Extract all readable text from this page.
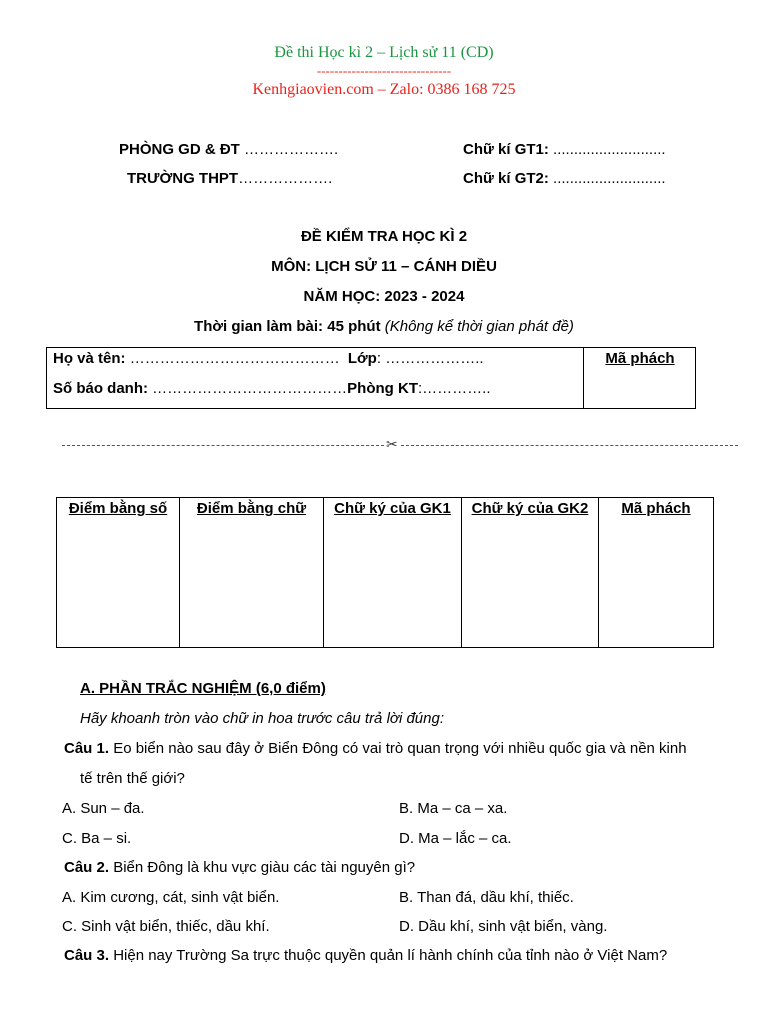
Đề thi Học kì 2 – Lịch sử 11 (CD)
-------------------------------
Kenhgiaovien.com – Zalo: 0386 168 725
PHÒNG GD & ĐT ……………….
TRƯỜNG THPT……………….
Chữ kí GT1: ...........................
Chữ kí GT2: ...........................
ĐỀ KIỂM TRA HỌC KÌ 2
MÔN: LỊCH SỬ 11 – CÁNH DIỀU
NĂM HỌC: 2023 - 2024
Thời gian làm bài: 45 phút (Không kể thời gian phát đề)
Họ và tên: …………………………………… Lớp: ………………..
Số báo danh: …………………………………Phòng KT:…………..
Mã phách
✂
Điểm bằng số	Điểm bằng chữ	Chữ ký của GK1	Chữ ký của GK2	Mã phách
A. PHẦN TRẮC NGHIỆM (6,0 điểm)
Hãy khoanh tròn vào chữ in hoa trước câu trả lời đúng:
Câu 1. Eo biển nào sau đây ở Biển Đông có vai trò quan trọng với nhiều quốc gia và nền kinh
tế trên thế giới?
A. Sun – đa.	B. Ma – ca – xa.
C. Ba – si.	D. Ma – lắc – ca.
Câu 2. Biển Đông là khu vực giàu các tài nguyên gì?
A. Kim cương, cát, sinh vật biển.	B. Than đá, dầu khí, thiếc.
C. Sinh vật biển, thiếc, dầu khí.	D. Dầu khí, sinh vật biển, vàng.
Câu 3. Hiện nay Trường Sa trực thuộc quyền quản lí hành chính của tỉnh nào ở Việt Nam?
